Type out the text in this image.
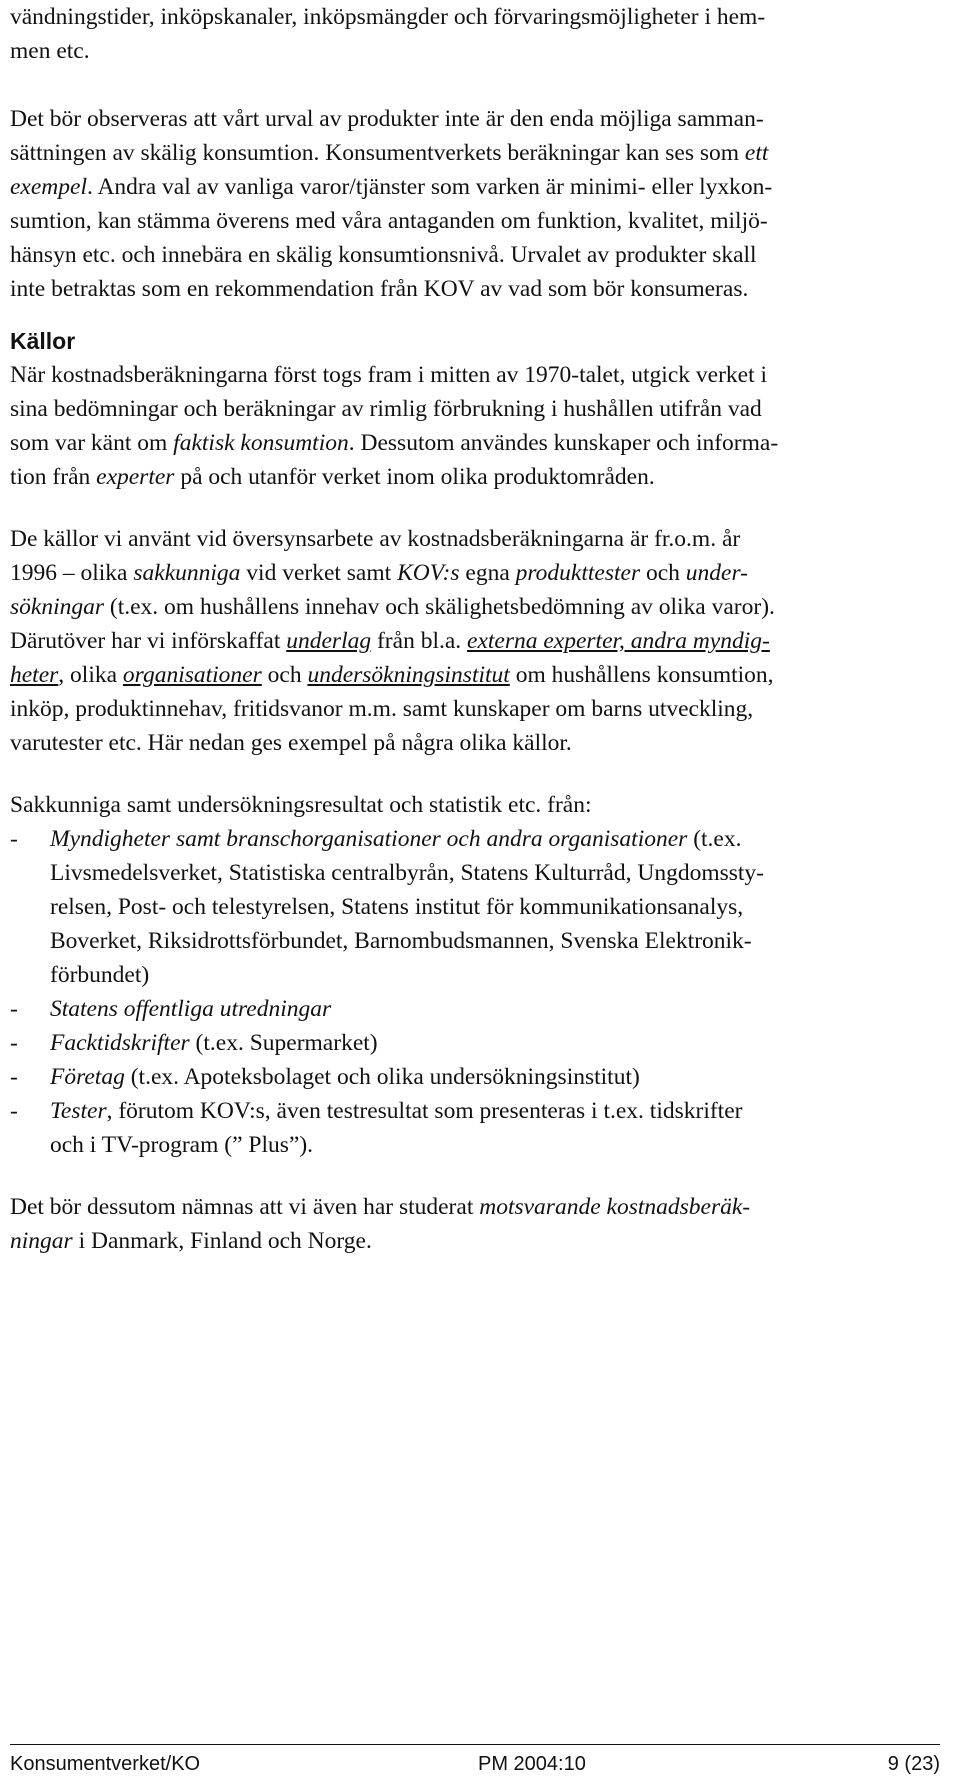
vändningstider, inköpskanaler, inköpsmängder och förvaringsmöjligheter i hem-
men etc.
Det bör observeras att vårt urval av produkter inte är den enda möjliga samman-
sättningen av skälig konsumtion. Konsumentverkets beräkningar kan ses som ett
exempel. Andra val av vanliga varor/tjänster som varken är minimi- eller lyxkon-
sumtion, kan stämma överens med våra antaganden om funktion, kvalitet, miljö-
hänsyn etc. och innebära en skälig konsumtionsnivå. Urvalet av produkter skall
inte betraktas som en rekommendation från KOV av vad som bör konsumeras.
Källor
När kostnadsberäkningarna först togs fram i mitten av 1970-talet, utgick verket i
sina bedömningar och beräkningar av rimlig förbrukning i hushållen utifrån vad
som var känt om faktisk konsumtion. Dessutom användes kunskaper och informa-
tion från experter på och utanför verket inom olika produktområden.
De källor vi använt vid översynsarbete av kostnadsberäkningarna är fr.o.m. år
1996 – olika sakkunniga vid verket samt KOV:s egna produkttester och under-
sökningar (t.ex. om hushållens innehav och skälighetsbedömning av olika varor).
Därutöver har vi införskaffat underlag från bl.a. externa experter, andra myndig-
heter, olika organisationer och undersökningsinstitut om hushållens konsumtion,
inköp, produktinnehav, fritidsvanor m.m. samt kunskaper om barns utveckling,
varutester etc. Här nedan ges exempel på några olika källor.
Sakkunniga samt undersökningsresultat och statistik etc. från:
- Myndigheter samt branschorganisationer och andra organisationer (t.ex.
Livsmedelsverket, Statistiska centralbyrån, Statens Kulturråd, Ungdomssty-
relsen, Post- och telestyrelsen, Statens institut för kommunikationsanalys,
Boverket, Riksidrottsförbundet, Barnombudsmannen, Svenska Elektronik-
förbundet)
- Statens offentliga utredningar
- Facktidskrifter (t.ex. Supermarket)
- Företag (t.ex. Apoteksbolaget och olika undersökningsinstitut)
- Tester, förutom KOV:s, även testresultat som presenteras i t.ex. tidskrifter
och i TV-program (” Plus”).
Det bör dessutom nämnas att vi även har studerat motsvarande kostnadsberäk-
ningar i Danmark, Finland och Norge.
Konsumentverket/KO	PM 2004:10	9 (23)
